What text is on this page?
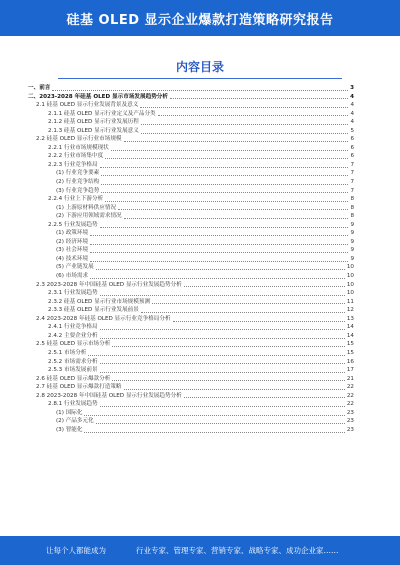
硅基 OLED 显示企业爆款打造策略研究报告
内容目录
一、前言	3
二、2023-2028 年硅基 OLED 显示市场发展趋势分析	4
2.1 硅基 OLED 显示行业发展背景及意义	4
2.1.1 硅基 OLED 显示行业定义及产品分类	4
2.1.2 硅基 OLED 显示行业发展历程	4
2.1.3 硅基 OLED 显示行业发展意义	5
2.2 硅基 OLED 显示行业市场规模	6
2.2.1 行业市场规模现状	6
2.2.2 行业市场集中度	6
2.2.3 行业竞争格局	7
(1) 行业竞争要素	7
(2) 行业竞争结构	7
(3) 行业竞争趋势	7
2.2.4 行业上下游分析	8
(1) 上游原材料供应情况	8
(2) 下游应用领域需求情况	8
2.2.5 行业发展趋势	9
(1) 政策环境	9
(2) 经济环境	9
(3) 社会环境	9
(4) 技术环境	9
(5) 产业链发展	10
(6) 市场需求	10
2.3 2023-2028 年中国硅基 OLED 显示行业发展趋势分析	10
2.3.1 行业发展趋势	10
2.3.2 硅基 OLED 显示行业市场规模预测	11
2.3.3 硅基 OLED 显示行业发展前景	12
2.4 2023-2028 年硅基 OLED 显示行业竞争格局分析	13
2.4.1 行业竞争格局	14
2.4.2 主要企业分析	14
2.5 硅基 OLED 显示市场分析	15
2.5.1 市场分析	15
2.5.2 市场需求分析	16
2.5.3 市场发展前景	17
2.6 硅基 OLED 显示爆款分析	21
2.7 硅基 OLED 显示爆款打造策略	22
2.8 2023-2028 年中国硅基 OLED 显示行业发展趋势分析	22
2.8.1 行业发展趋势	22
(1) 国际化	23
(2) 产品多元化	23
(3) 智能化	23
让每个人都能成为	行业专家、管理专家、营销专家、战略专家、成功企业家……
